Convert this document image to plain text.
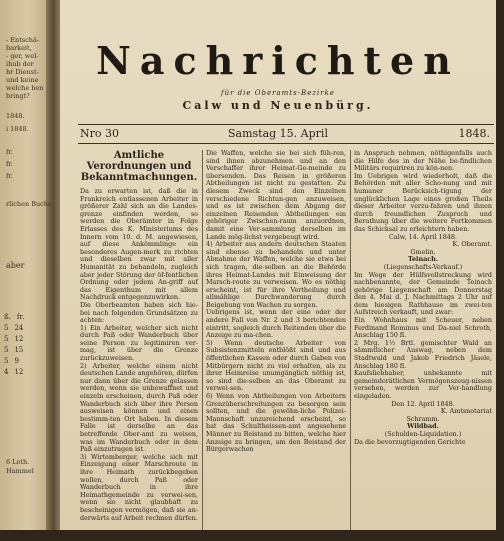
- Entschä-
barkeit,
- ger, wel-
ihub der
hr Dienst-
und keine
welche ben
bringt?
1848.
i 1848.
fr.
fr.
fr.
rlichen Buchs
aber
ß. fr.
5 24
5 12
5 15
5 9
4 12
6 Loth.
Hammel
Nachrichten
für die Oberamts-Bezirke
Calw und Neuenbürg.
Nro 30	Samstag 15. April	1848.
Amtliche Verordnungen und Bekanntmachungen.

Da zu erwarten ist, daß die in Frankreich entlassenen Arbeiter in größerer Zahl sich an die Landes-grenze einfinden werden, so werden die Oberämter in Folge Erlasses des K. Ministeriums des Innern vom 10. d. M. angewiesen, auf diese Ankömmlinge ein besonderes Augen-merk zu richten und dieselben zwar mit aller Humanität zu behandeln, zugleich aber jeder Störung der öf-fentlichen Ordnung oder jedem An-griff auf das Eigenthum mit allem Nachdruck entgegenzuwirken.

Die Oberbeamten haben sich hie-bei nach folgenden Grundsätzen zu achten:

1) Ein Arbeiter, welcher sich nicht durch Paß oder Wanderbuch über seine Person zu legitimiren ver-mag, ist über die Grenze zurückzuweisen.

2) Arbeiter, welche einem nicht deutschen Lande angehören, dürfen nur dann über die Grenze gelassen werden, wenn sie unbewaffnet und einzeln erscheinen, durch Paß oder Wanderbuch sich über ihre Person ausweisen können und einen bestimm-ten Ort haben. In diesem Falle ist derselbe an das betreffende Ober-amt zu weisen, was im Wanderbuch oder in dem Paß einzutragen ist.

3) Wirtemberger, welche sich mit Einzeigung einer Marschroute in ihre Heimath zurückbegeben wollen, durch Paß oder Wanderbuch in ihre Heimathgemeinde zu verwei-sen, wenn sie nicht glaubhaft zu bescheinigen vermögen, daß sie an-derwärts auf Arbeit rechnen dürfen.

Die Waffen, welche sie bei sich füh-ren, sind ihnen abzunehmen und an den Verschaffer ihrer Heimat-Ge-meinde zu übersenden. Das Reisen in größeren Abtheilungen ist nicht zu gestatten. Zu diesem Zweck sind den Einzelnen verschiedene Richtun-gen anzuweisen, und es ist zwischen dem Abgang der einzelnen Reisenden Abtheilungen ein gehöriger Zwischen-raum anzuordnen, damit eine Ver-sammlung derselben im Lande mög-lichst vergebeugt wird.

4) Arbeiter aus andern deutschen Staaten sind ebenso zu behandeln und unter Abnahme der Waffen, welche sie etwa bei sich tragen, die-selben an die Behörde ihres Heimat-Landes mit Einweisung der Marsch-route zu verweisen. Wo es nöthig erscheint, ist für ihre Vertheilung und allmählige Durchwanderung durch Beigebung von Wachen zu sorgen.

Uebrigens ist, wenn der eine oder der andere Fall von Nr. 2 und 3 berichtenden eintritt, sogleich durch Reitenden über die Anzeige zu ma-chen.

5) Wenn deutsche Arbeiter von Subsistenzmitteln entblößt sind und aus öffentlichen Kassen oder durch Gaben von Mitbürgern nicht zu viel erhalten, als zu ihrer Heimreise unumgänglich nöthig ist, so sind die-selben an das Oberamt zu verwei-sen.

6) Wenn von Abtheilungen von Arbeitern Grenzüberschreitungen zu besorgen sein sollten, und die gewöhn-liche Polizei-Mannschaft unzureichend erscheint, so hat das Schultheissen-amt angesehene Männer zu Beistand zu bitten, welche hier Anzeige zu bringen, um den Beistand der Bürgerwachen

in Anspruch nehmen, nöthigenfalls auch die Hilfe des in der Nähe be-findlichen Militärs requiriren zu kön-nen.

Im Uebrigen wird wiederholt, daß die Behörden mit aller Scho-nung und mit humaner Berücksich-tigung der unglücklichen Lage eines großen Theils dieser Arbeiter verzu-fahren und ihnen durch freundlichen Zuspruch und Berathung über die weitere Fortkommen das Schicksal zu erleichtern haben.

Calw, 14. April 1848.

K. Oberamt.

Gmelin.

Teinach.

(Liegenschafts-Verkauf.)

Im Wege der Hülfsvollstreckung wird nachbenannte, der Gemeinde Teinach gehörige Liegenschaft am Donnerstag den 4. Mai d. J. Nachmittags 2 Uhr auf dem hiesigen Rathhause im zwei-ten Aufstreich verkauft, und zwar:

Ein Wohnhaus mit Scheuer, neben Ferdinand Rominus und Da-niel Schroth, Anschlag 150 fl.

2 Mrg. 1½ Brtl. gemischter Wald an sämmtlicher Auswag, neben dem Stadtwald und Jakob Friedrich Jäsele, Anschlag 180 fl.

Kaufsliebhaber, unbekannte mit gemeinderätlichen Vermögenszeug-nissen versehen, werden zur Ver-handlung eingeladen.

Den 12. April 1848.

K. Amtsnotariat

Schramm.

Wildbad.

(Schulden-Liquidation.)

Da die bevorzugtigenden Gerichte
